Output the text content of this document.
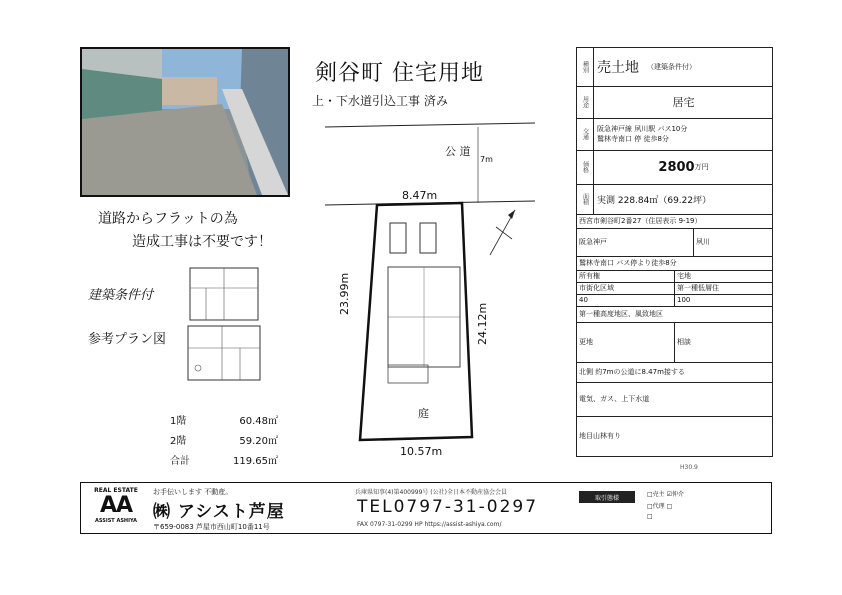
剣谷町 住宅用地
上・下水道引込工事 済み
道路からフラットの為
造成工事は不要です！
建築条件付
参考プラン図
1階	60.48㎡
2階	59.20㎡
合計	119.65㎡
公 道
7m
8.47m
10.57m
23.99m
24.12m
庭
種別 売土地 （建築条件付）
用途	居宅
交通	阪急神戸線 夙川駅 バス10分
鷲林寺南口 停 徒歩8分
価格	2800 万円
面積 実測 228.84㎡（69.22坪）
西宮市剣谷町2番27（住居表示 9-19）
阪急神戸	夙川
鷲林寺南口 バス停より徒歩8分
所有権	宅地
市街化区域	第一種低層住
40	100
第一種高度地区、風致地区
更地	相談
北側 約7mの公道に8.47m接する
電気、ガス、上下水道
地目山林有り
H30.9
REAL ESTATE
AA
ASSIST ASHIYA
お手伝いします 不動産。
㈱ アシスト芦屋
〒659-0083 芦屋市西山町10番11号
兵庫県知事(4)第400999号 (公社)全日本不動産協会会員
TEL0797-31-0297
FAX 0797-31-0299 HP https://assist-ashiya.com/
取引態様	□売主 ☑仲介
□代理 □
□
